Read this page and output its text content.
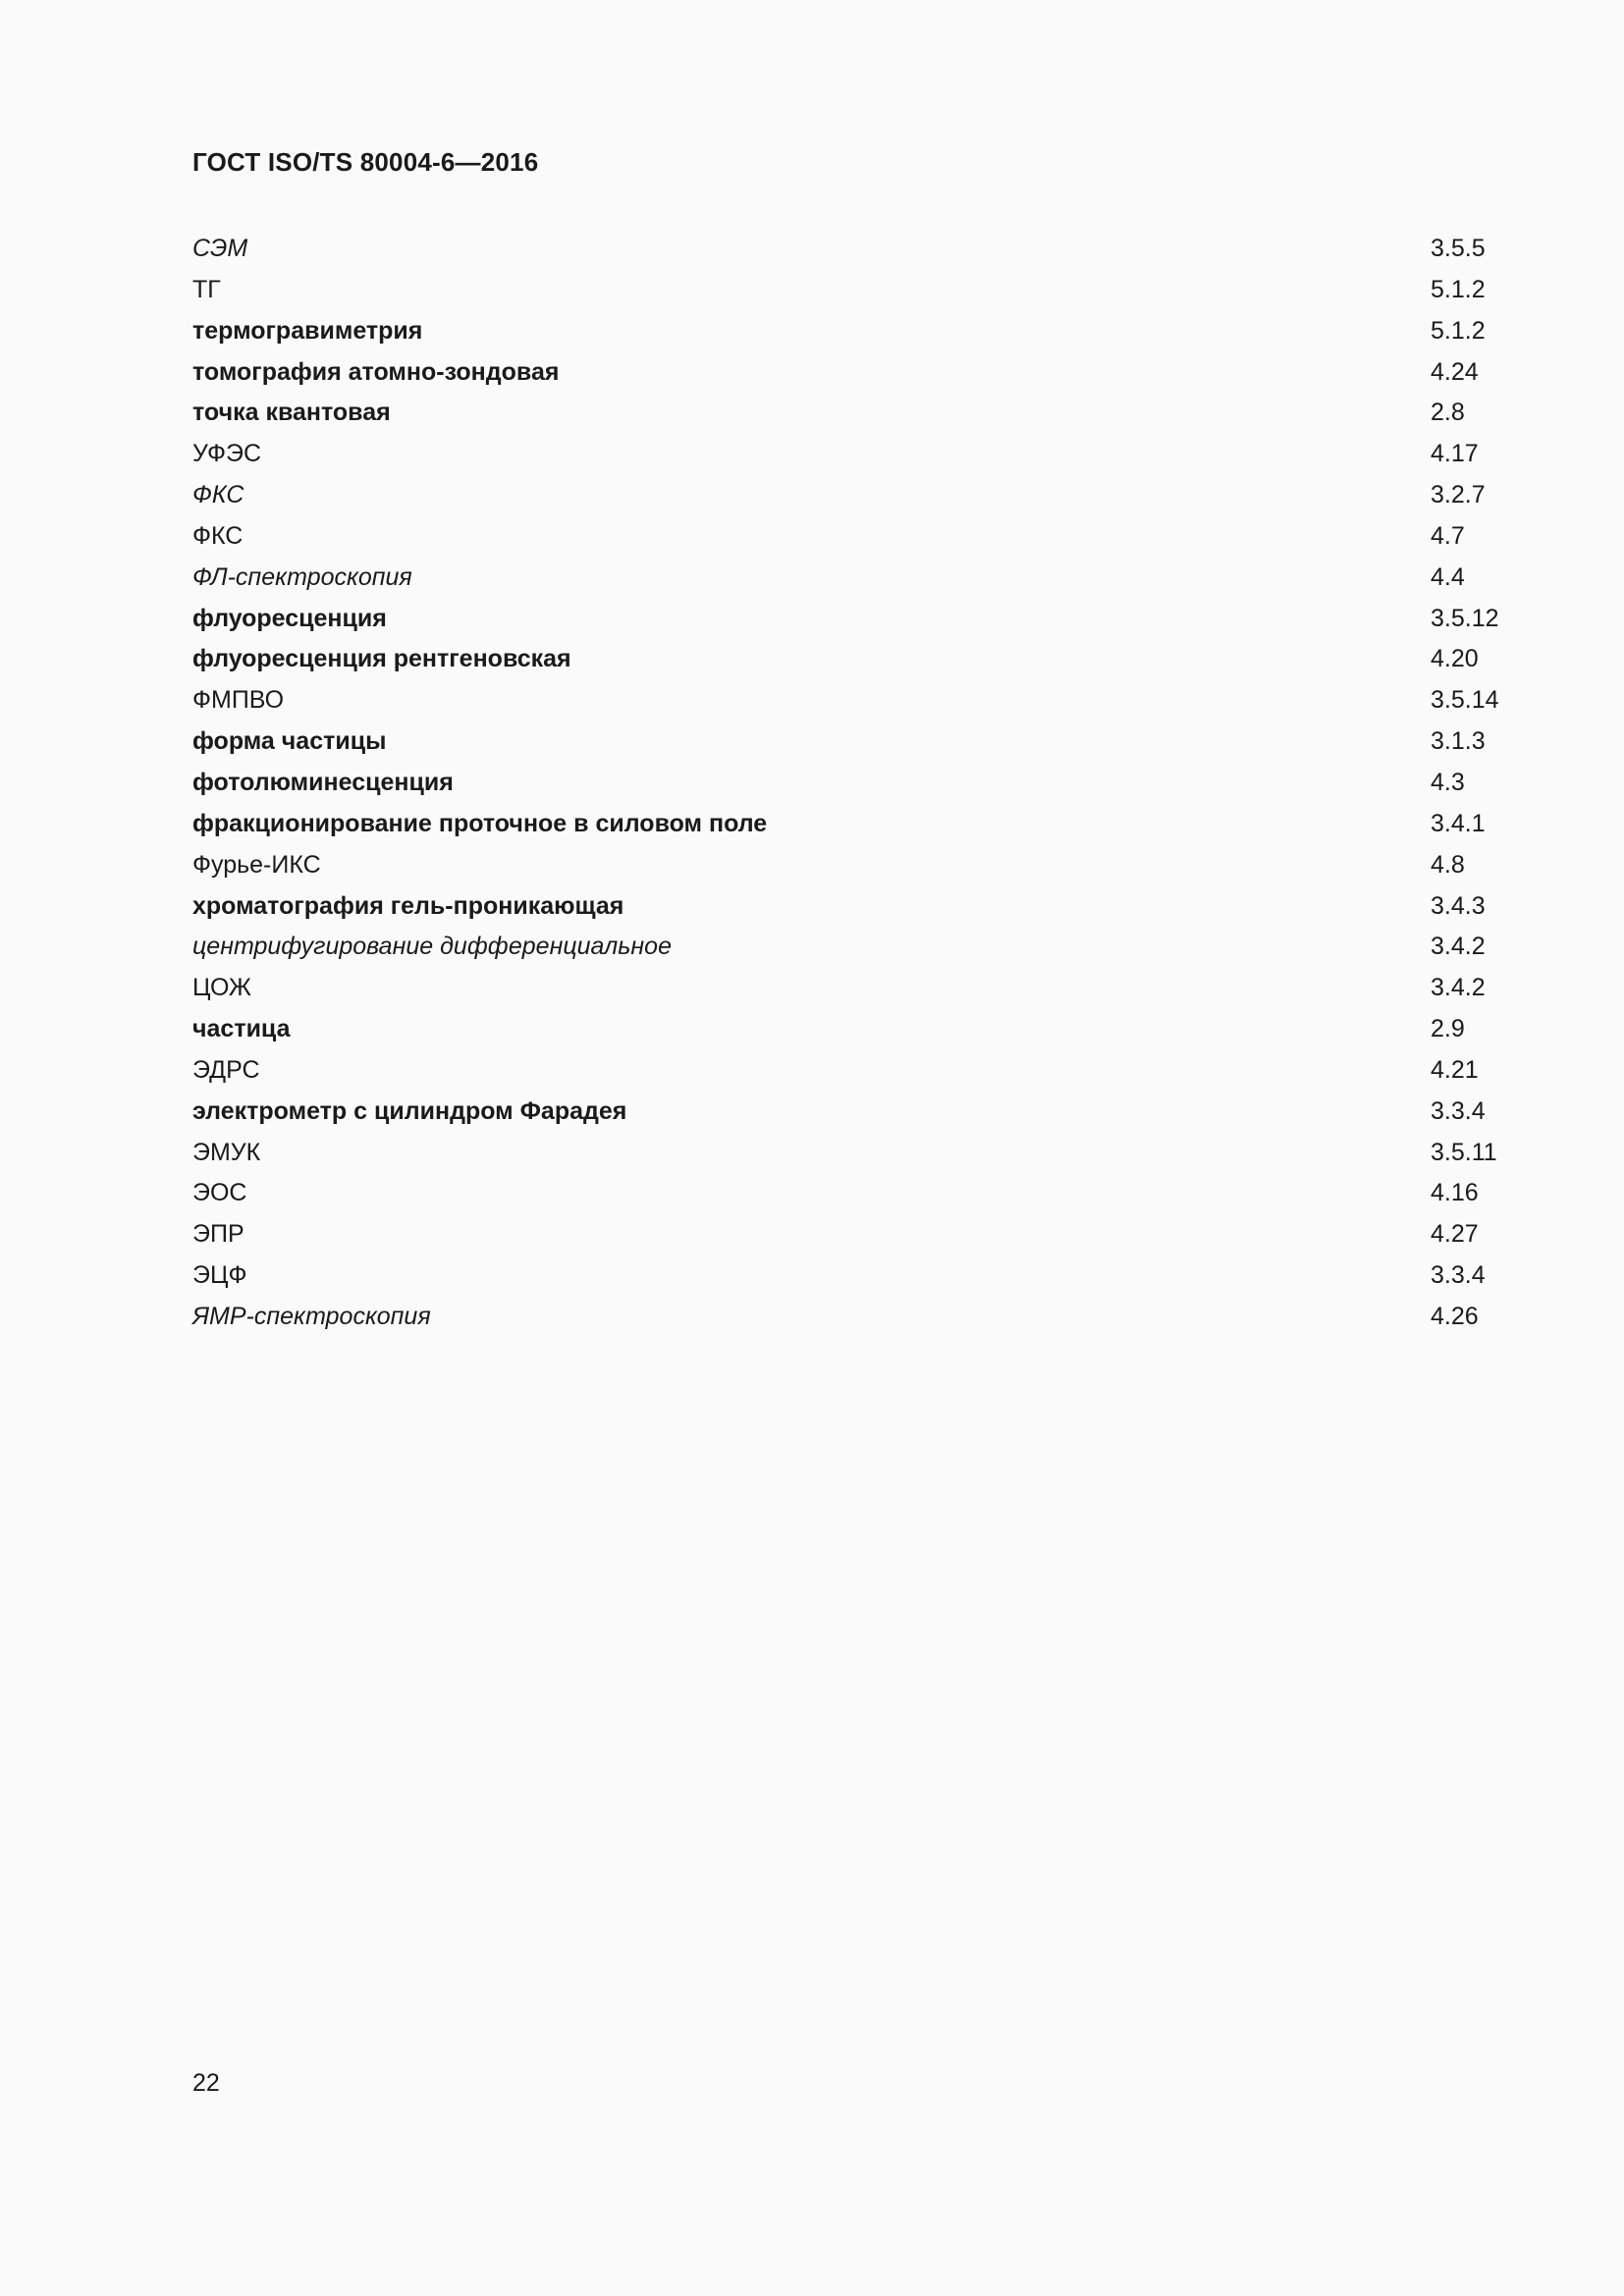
ГОСТ ISO/TS 80004-6—2016
СЭМ	3.5.5
ТГ	5.1.2
термогравиметрия	5.1.2
томография атомно-зондовая	4.24
точка квантовая	2.8
УФЭС	4.17
ФКС	3.2.7
ФКС	4.7
ФЛ-спектроскопия	4.4
флуоресценция	3.5.12
флуоресценция рентгеновская	4.20
ФМПВО	3.5.14
форма частицы	3.1.3
фотолюминесценция	4.3
фракционирование проточное в силовом поле	3.4.1
Фурье-ИКС	4.8
хроматография гель-проникающая	3.4.3
центрифугирование дифференциальное	3.4.2
ЦОЖ	3.4.2
частица	2.9
ЭДРС	4.21
электрометр с цилиндром Фарадея	3.3.4
ЭМУК	3.5.11
ЭОС	4.16
ЭПР	4.27
ЭЦФ	3.3.4
ЯМР-спектроскопия	4.26
22
